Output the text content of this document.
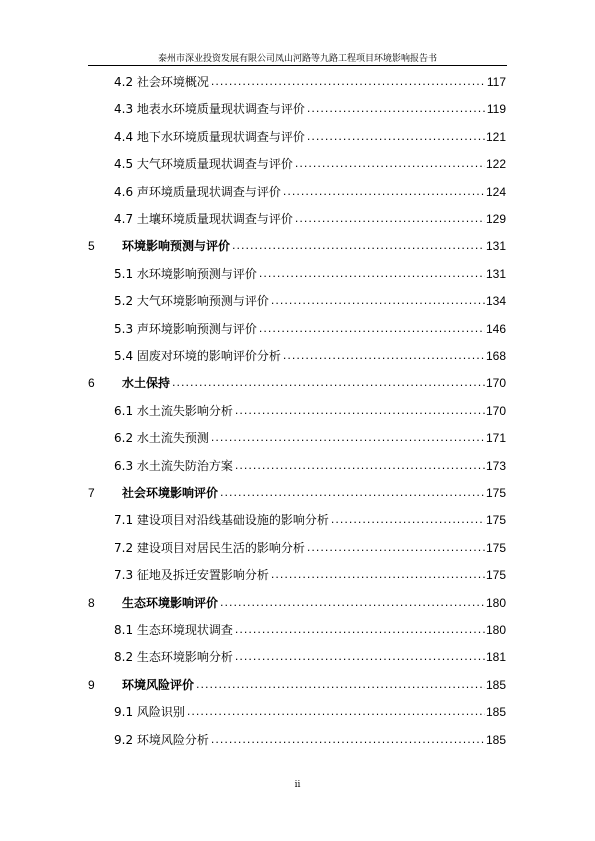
泰州市深业投资发展有限公司凤山河路等九路工程项目环境影响报告书
4.2 社会环境概况 .....	117
4.3 地表水环境质量现状调查与评价 .....	119
4.4 地下水环境质量现状调查与评价 .....	121
4.5 大气环境质量现状调查与评价 .....	122
4.6 声环境质量现状调查与评价 .....	124
4.7 土壤环境质量现状调查与评价 .....	129
5	环境影响预测与评价 .....	131
5.1 水环境影响预测与评价 .....	131
5.2 大气环境影响预测与评价 .....	134
5.3 声环境影响预测与评价 .....	146
5.4 固废对环境的影响评价分析 .....	168
6	水土保持 .....	170
6.1 水土流失影响分析 .....	170
6.2 水土流失预测 .....	171
6.3 水土流失防治方案 .....	173
7	社会环境影响评价 .....	175
7.1 建设项目对沿线基础设施的影响分析 .....	175
7.2 建设项目对居民生活的影响分析 .....	175
7.3 征地及拆迁安置影响分析 .....	175
8	生态环境影响评价 .....	180
8.1 生态环境现状调查 .....	180
8.2 生态环境影响分析 .....	181
9	环境风险评价 .....	185
9.1 风险识别 .....	185
9.2 环境风险分析 .....	185
ii
